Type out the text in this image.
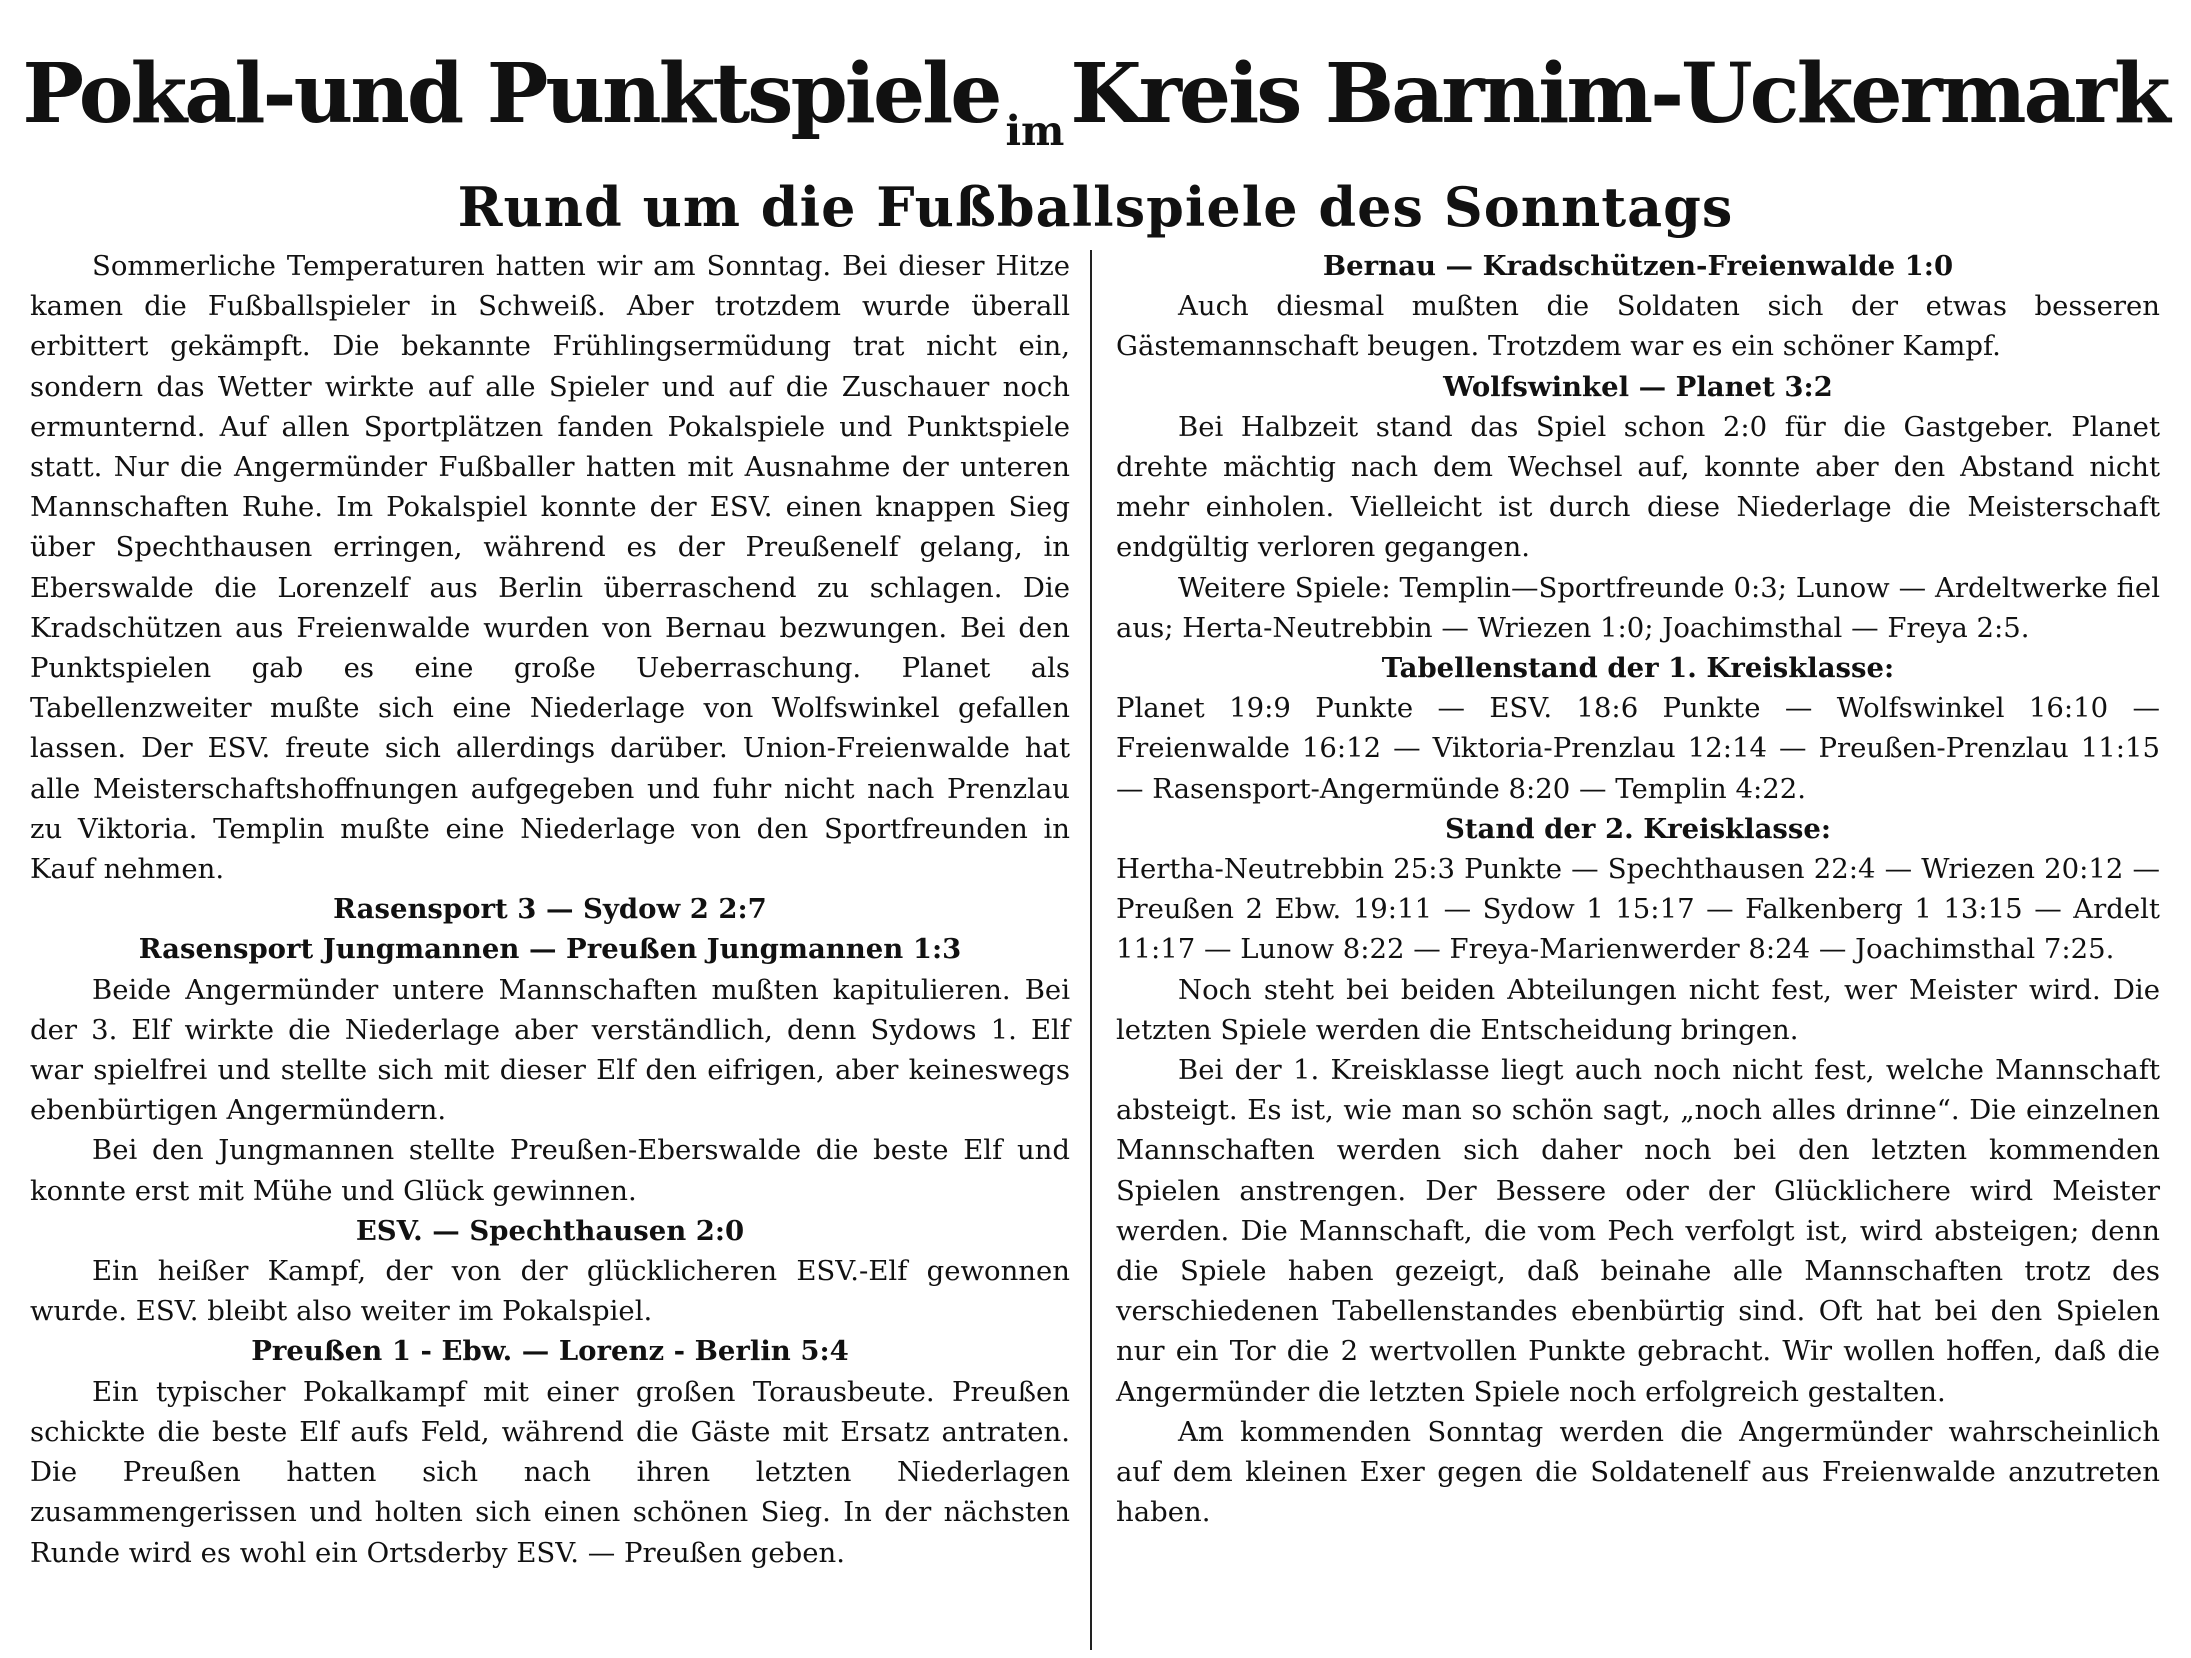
Pokal-und Punktspiele im Kreis Barnim-Uckermark
Rund um die Fußballspiele des Sonntags
Sommerliche Temperaturen hatten wir am Sonntag. Bei dieser Hitze kamen die Fußballspieler in Schweiß. Aber trotzdem wurde überall erbittert gekämpft. Die bekannte Frühlingsermüdung trat nicht ein, sondern das Wetter wirkte auf alle Spieler und auf die Zuschauer noch ermunternd. Auf allen Sportplätzen fanden Pokalspiele und Punktspiele statt. Nur die Angermünder Fußballer hatten mit Ausnahme der unteren Mannschaften Ruhe. Im Pokalspiel konnte der ESV. einen knappen Sieg über Spechthausen erringen, während es der Preußenelf gelang, in Eberswalde die Lorenzelf aus Berlin überraschend zu schlagen. Die Kradschützen aus Freienwalde wurden von Bernau bezwungen. Bei den Punktspielen gab es eine große Ueberraschung. Planet als Tabellenzweiter mußte sich eine Niederlage von Wolfswinkel gefallen lassen. Der ESV. freute sich allerdings darüber. Union-Freienwalde hat alle Meisterschaftshoffnungen aufgegeben und fuhr nicht nach Prenzlau zu Viktoria. Templin mußte eine Niederlage von den Sportfreunden in Kauf nehmen.
Rasensport 3 — Sydow 2 2:7
Rasensport Jungmannen — Preußen Jungmannen 1:3
Beide Angermünder untere Mannschaften mußten kapitulieren. Bei der 3. Elf wirkte die Niederlage aber verständlich, denn Sydows 1. Elf war spielfrei und stellte sich mit dieser Elf den eifrigen, aber keineswegs ebenbürtigen Angermündern.
Bei den Jungmannen stellte Preußen-Eberswalde die beste Elf und konnte erst mit Mühe und Glück gewinnen.
ESV. — Spechthausen 2:0
Ein heißer Kampf, der von der glücklicheren ESV.-Elf gewonnen wurde. ESV. bleibt also weiter im Pokalspiel.
Preußen 1 - Ebw. — Lorenz - Berlin 5:4
Ein typischer Pokalkampf mit einer großen Torausbeute. Preußen schickte die beste Elf aufs Feld, während die Gäste mit Ersatz antraten. Die Preußen hatten sich nach ihren letzten Niederlagen zusammengerissen und holten sich einen schönen Sieg. In der nächsten Runde wird es wohl ein Ortsderby ESV. — Preußen geben.
Bernau — Kradschützen-Freienwalde 1:0
Auch diesmal mußten die Soldaten sich der etwas besseren Gästemannschaft beugen. Trotzdem war es ein schöner Kampf.
Wolfswinkel — Planet 3:2
Bei Halbzeit stand das Spiel schon 2:0 für die Gastgeber. Planet drehte mächtig nach dem Wechsel auf, konnte aber den Abstand nicht mehr einholen. Vielleicht ist durch diese Niederlage die Meisterschaft endgültig verloren gegangen.
Weitere Spiele: Templin—Sportfreunde 0:3; Lunow — Ardeltwerke fiel aus; Herta-Neutrebbin — Wriezen 1:0; Joachimsthal — Freya 2:5.
Tabellenstand der 1. Kreisklasse:
Planet 19:9 Punkte — ESV. 18:6 Punkte — Wolfswinkel 16:10 — Freienwalde 16:12 — Viktoria-Prenzlau 12:14 — Preußen-Prenzlau 11:15 — Rasensport-Angermünde 8:20 — Templin 4:22.
Stand der 2. Kreisklasse:
Hertha-Neutrebbin 25:3 Punkte — Spechthausen 22:4 — Wriezen 20:12 — Preußen 2 Ebw. 19:11 — Sydow 1 15:17 — Falkenberg 1 13:15 — Ardelt 11:17 — Lunow 8:22 — Freya-Marienwerder 8:24 — Joachimsthal 7:25.
Noch steht bei beiden Abteilungen nicht fest, wer Meister wird. Die letzten Spiele werden die Entscheidung bringen.
Bei der 1. Kreisklasse liegt auch noch nicht fest, welche Mannschaft absteigt. Es ist, wie man so schön sagt, „noch alles drinne“. Die einzelnen Mannschaften werden sich daher noch bei den letzten kommenden Spielen anstrengen. Der Bessere oder der Glücklichere wird Meister werden. Die Mannschaft, die vom Pech verfolgt ist, wird absteigen; denn die Spiele haben gezeigt, daß beinahe alle Mannschaften trotz des verschiedenen Tabellenstandes ebenbürtig sind. Oft hat bei den Spielen nur ein Tor die 2 wertvollen Punkte gebracht. Wir wollen hoffen, daß die Angermünder die letzten Spiele noch erfolgreich gestalten.
Am kommenden Sonntag werden die Angermünder wahrscheinlich auf dem kleinen Exer gegen die Soldatenelf aus Freienwalde anzutreten haben.
